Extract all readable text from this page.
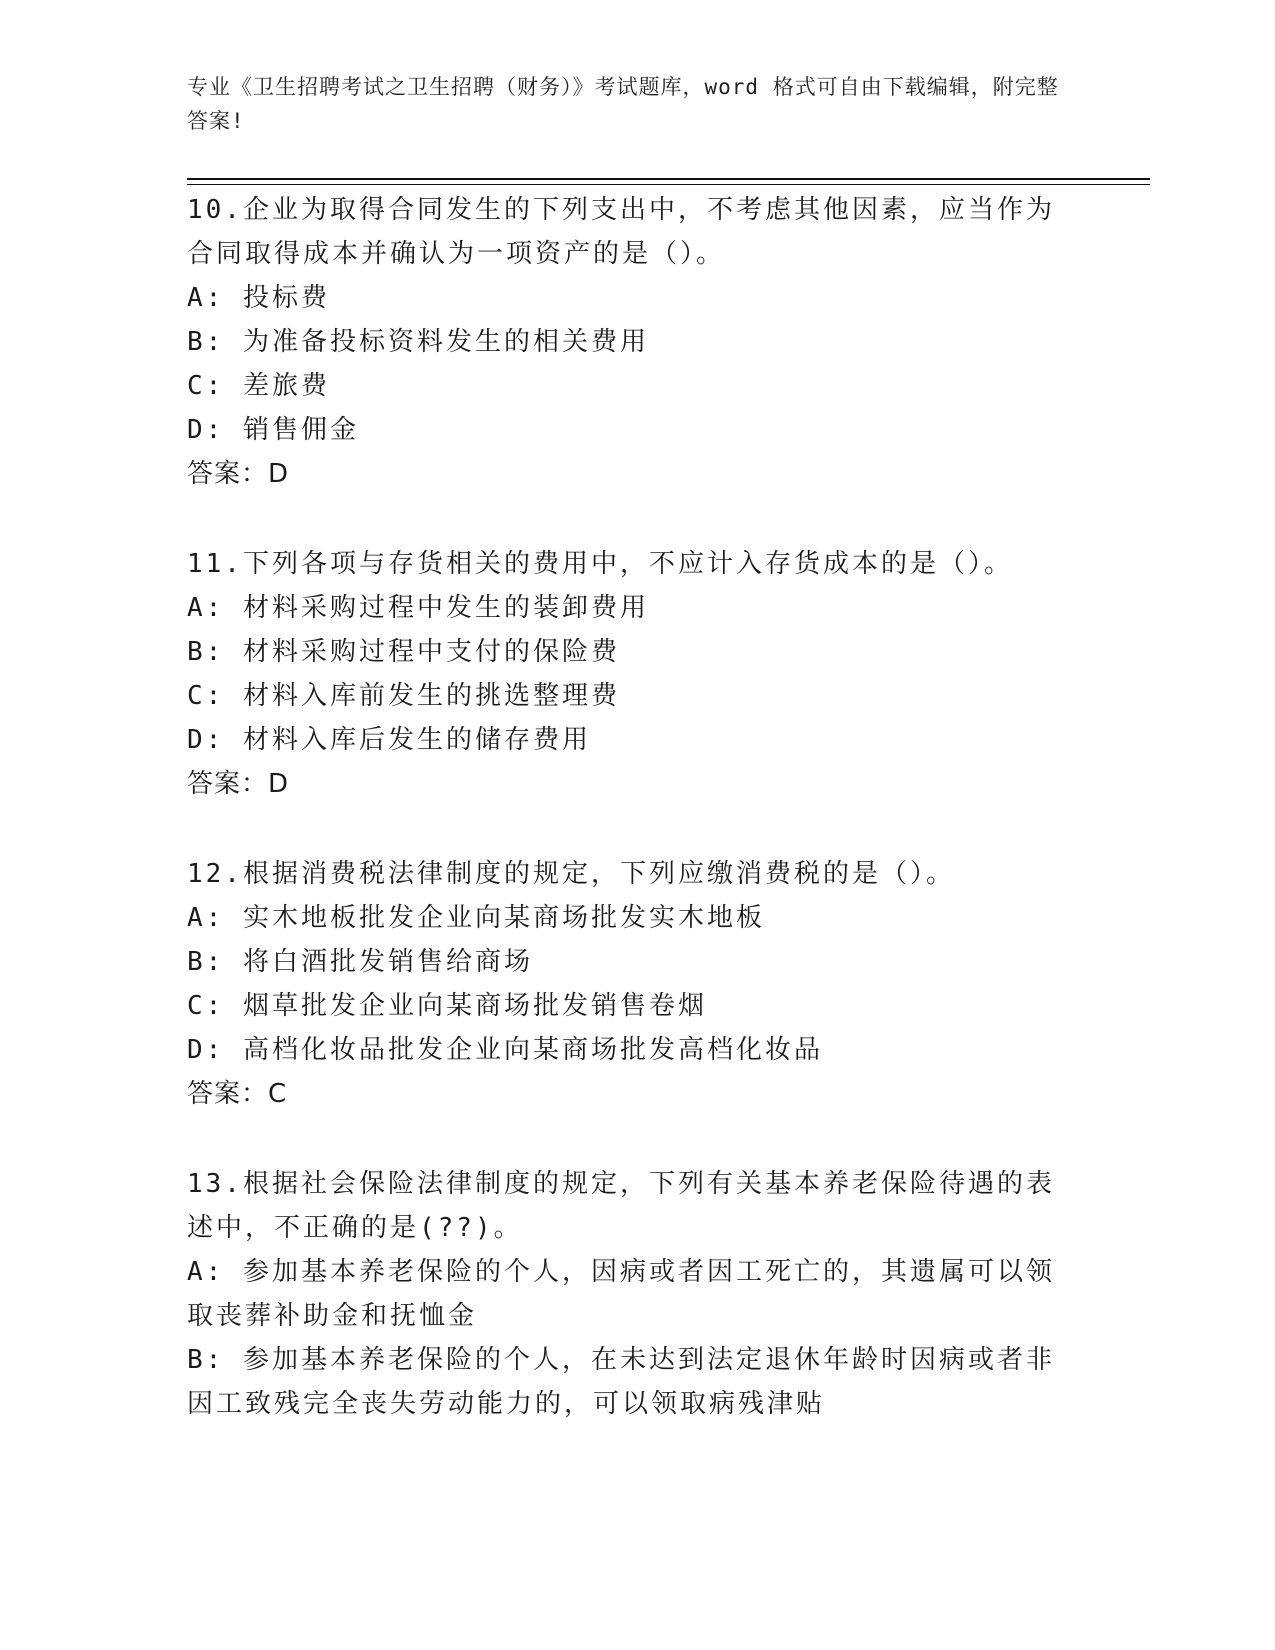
专业《卫生招聘考试之卫生招聘（财务）》考试题库，word 格式可自由下载编辑，附完整答案!

10.企业为取得合同发生的下列支出中，不考虑其他因素，应当作为合同取得成本并确认为一项资产的是（）。

A: 投标费

B: 为准备投标资料发生的相关费用

C: 差旅费

D: 销售佣金

答案：D

11.下列各项与存货相关的费用中，不应计入存货成本的是（）。

A: 材料采购过程中发生的装卸费用

B: 材料采购过程中支付的保险费

C: 材料入库前发生的挑选整理费

D: 材料入库后发生的储存费用

答案：D

12.根据消费税法律制度的规定，下列应缴消费税的是（）。

A: 实木地板批发企业向某商场批发实木地板

B: 将白酒批发销售给商场

C: 烟草批发企业向某商场批发销售卷烟

D: 高档化妆品批发企业向某商场批发高档化妆品

答案：C

13.根据社会保险法律制度的规定，下列有关基本养老保险待遇的表述中，不正确的是(??)。

A: 参加基本养老保险的个人，因病或者因工死亡的，其遗属可以领取丧葬补助金和抚恤金

B: 参加基本养老保险的个人，在未达到法定退休年龄时因病或者非因工致残完全丧失劳动能力的，可以领取病残津贴
